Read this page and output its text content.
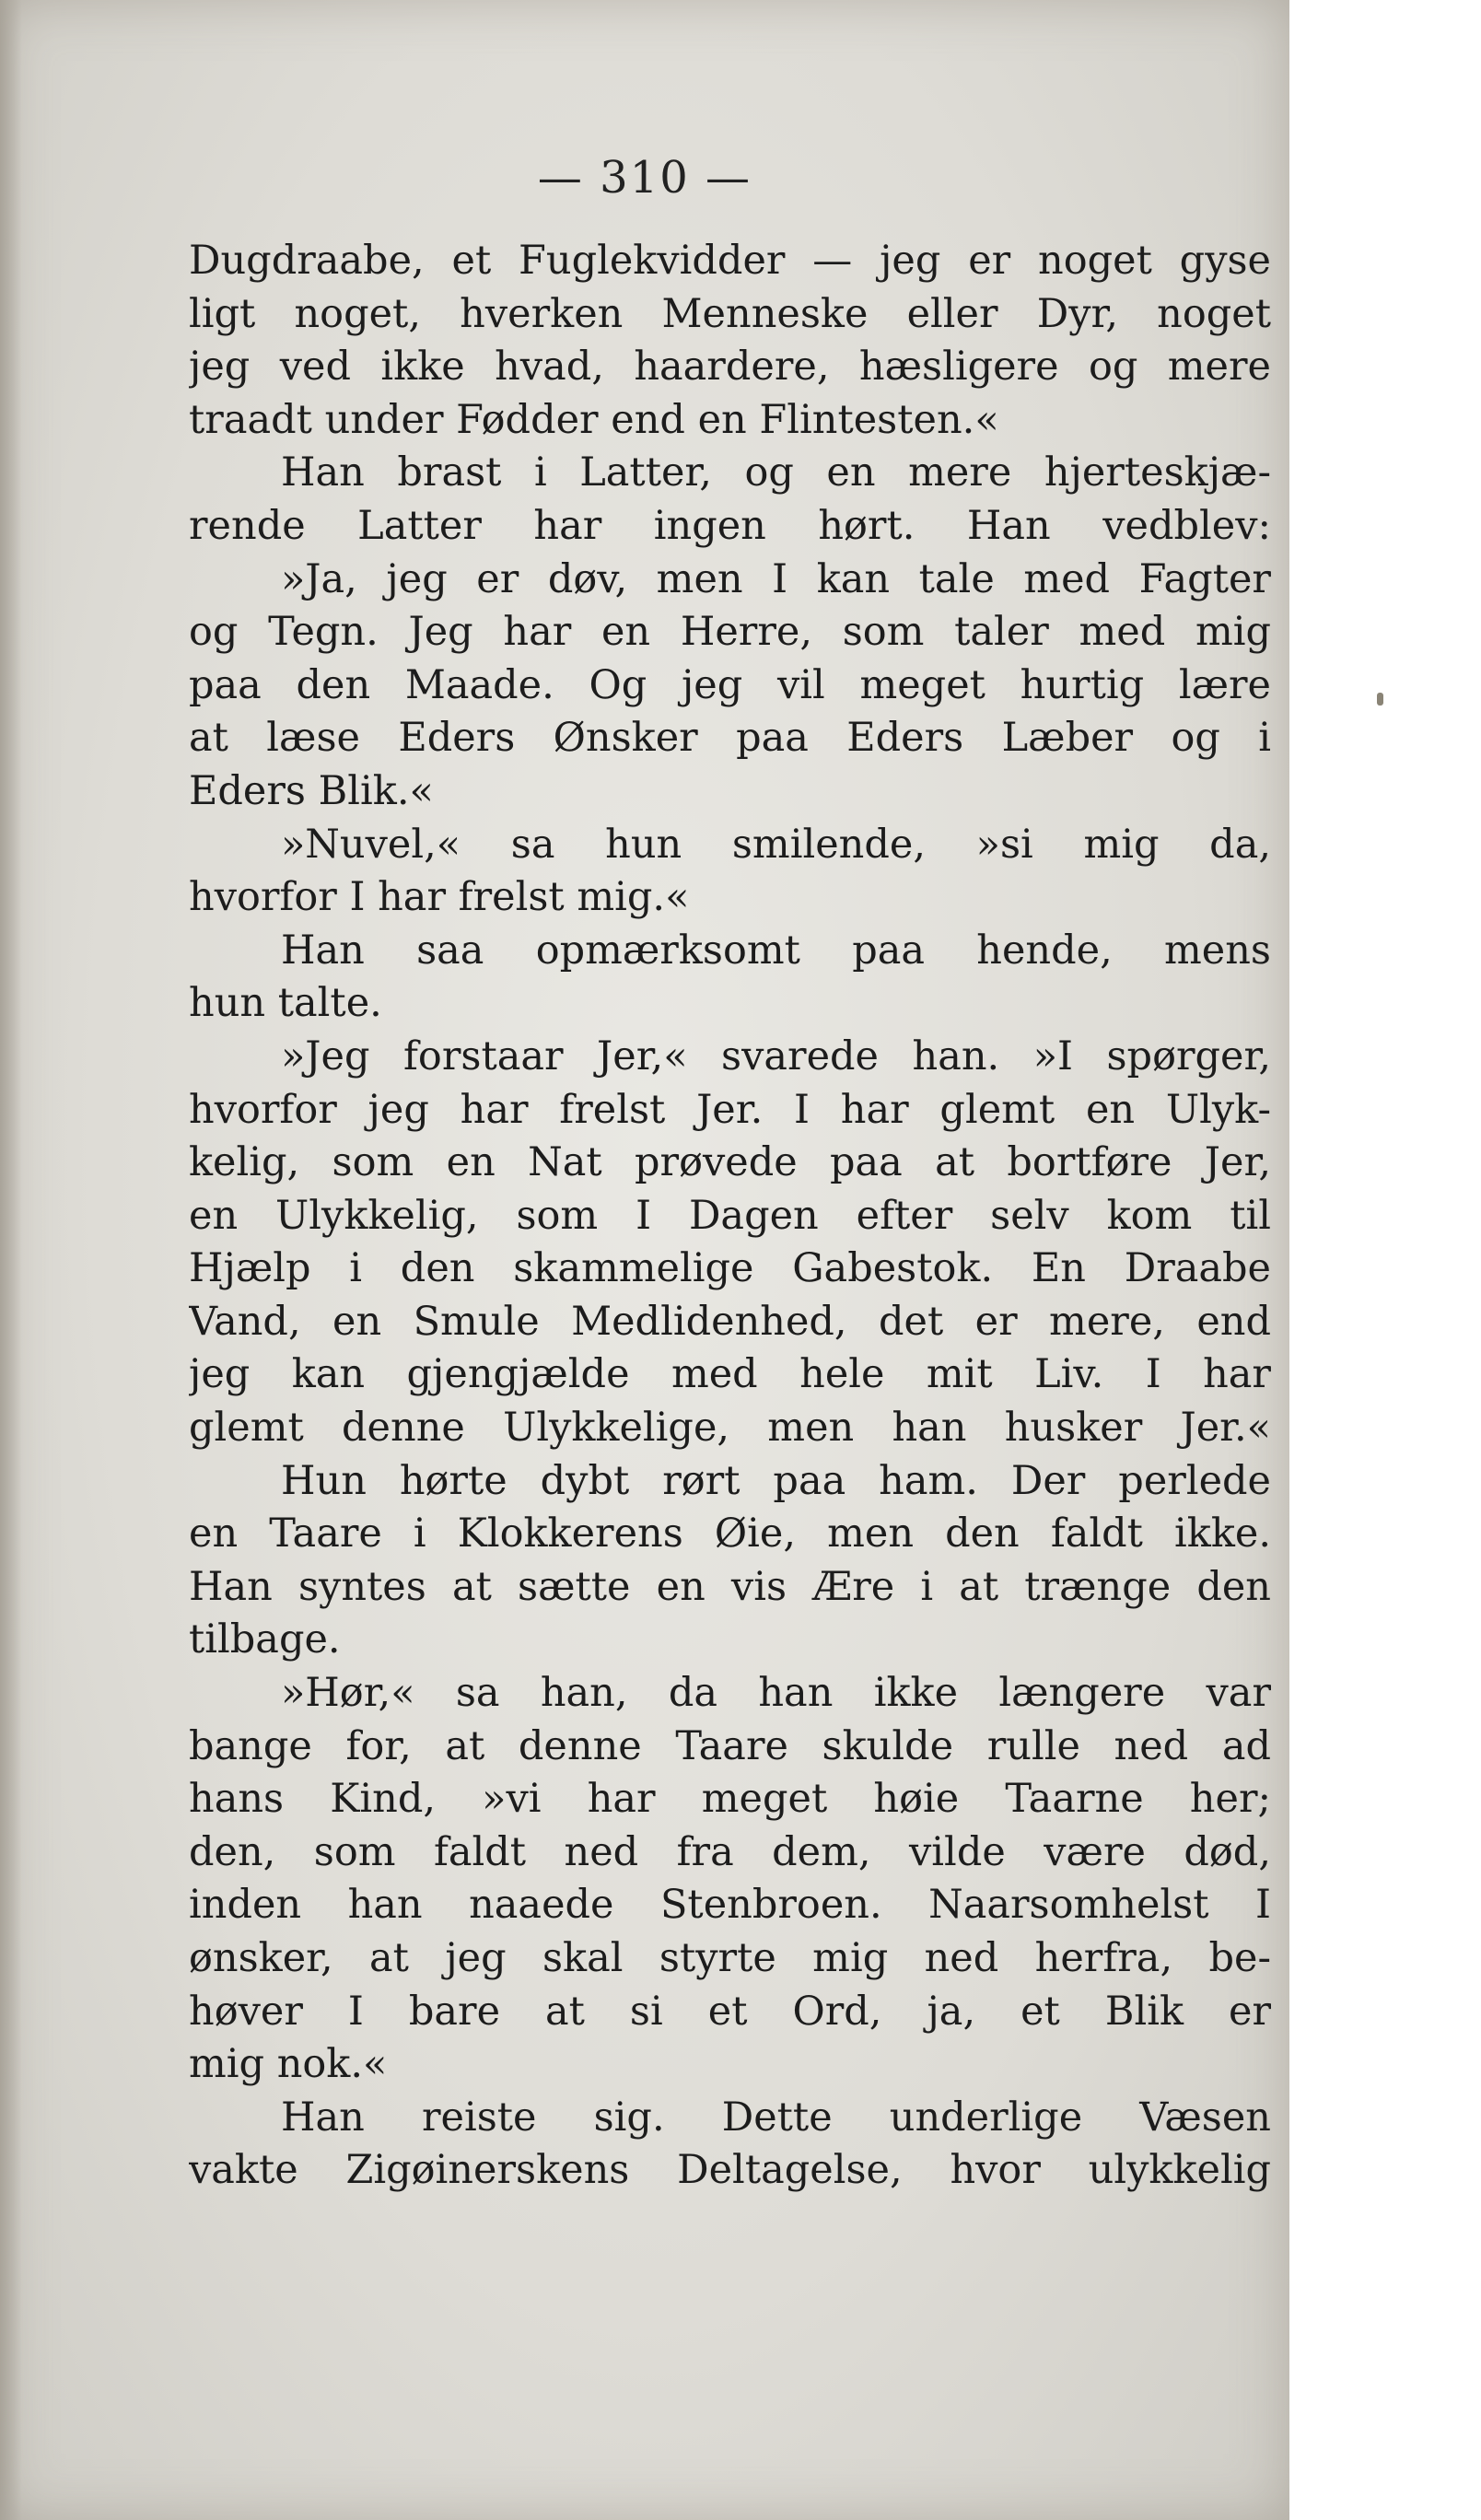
— 310 —
Dugdraabe, et Fuglekvidder — jeg er noget gyse
ligt noget, hverken Menneske eller Dyr, noget
jeg ved ikke hvad, haardere, hæsligere og mere
traadt under Fødder end en Flintesten.«
Han brast i Latter, og en mere hjerteskjæ-
rende Latter har ingen hørt. Han vedblev:
»Ja, jeg er døv, men I kan tale med Fagter
og Tegn. Jeg har en Herre, som taler med mig
paa den Maade. Og jeg vil meget hurtig lære
at læse Eders Ønsker paa Eders Læber og i
Eders Blik.«
»Nuvel,« sa hun smilende, »si mig da,
hvorfor I har frelst mig.«
Han saa opmærksomt paa hende, mens
hun talte.
»Jeg forstaar Jer,« svarede han. »I spørger,
hvorfor jeg har frelst Jer. I har glemt en Ulyk-
kelig, som en Nat prøvede paa at bortføre Jer,
en Ulykkelig, som I Dagen efter selv kom til
Hjælp i den skammelige Gabestok. En Draabe
Vand, en Smule Medlidenhed, det er mere, end
jeg kan gjengjælde med hele mit Liv. I har
glemt denne Ulykkelige, men han husker Jer.«
Hun hørte dybt rørt paa ham. Der perlede
en Taare i Klokkerens Øie, men den faldt ikke.
Han syntes at sætte en vis Ære i at trænge den
tilbage.
»Hør,« sa han, da han ikke længere var
bange for, at denne Taare skulde rulle ned ad
hans Kind, »vi har meget høie Taarne her;
den, som faldt ned fra dem, vilde være død,
inden han naaede Stenbroen. Naarsomhelst I
ønsker, at jeg skal styrte mig ned herfra, be-
høver I bare at si et Ord, ja, et Blik er
mig nok.«
Han reiste sig. Dette underlige Væsen
vakte Zigøinerskens Deltagelse, hvor ulykkelig
